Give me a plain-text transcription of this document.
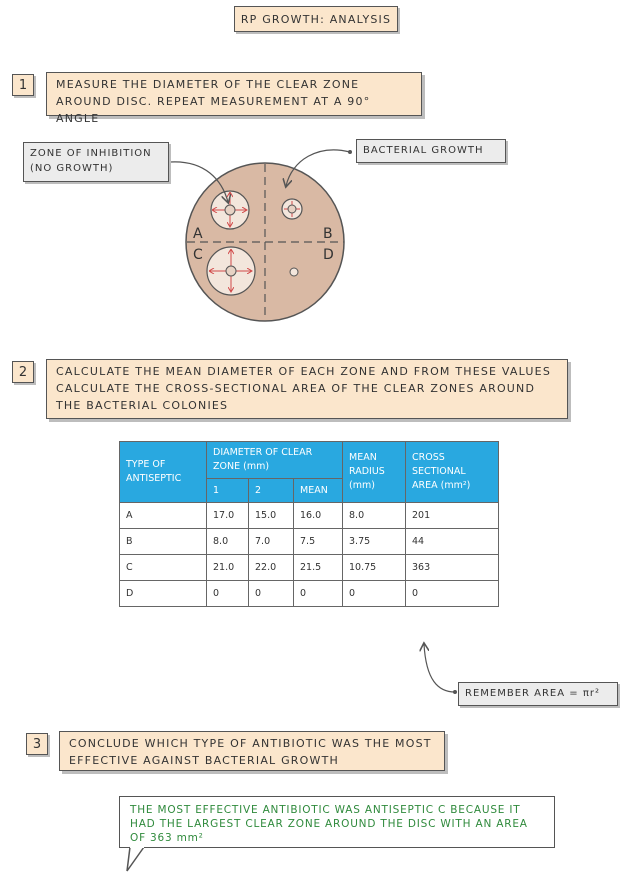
RP GROWTH: ANALYSIS
1	MEASURE THE DIAMETER OF THE CLEAR ZONE AROUND DISC. REPEAT MEASUREMENT AT A 90° ANGLE
A	B
C	D
ZONE OF INHIBITION
(NO GROWTH)
BACTERIAL GROWTH
2	CALCULATE THE MEAN DIAMETER OF EACH ZONE AND FROM THESE VALUES CALCULATE THE CROSS-SECTIONAL AREA OF THE CLEAR ZONES AROUND THE BACTERIAL COLONIES
TYPE OF ANTISEPTIC	DIAMETER OF CLEAR ZONE (mm)			MEAN RADIUS (mm)	CROSS SECTIONAL AREA (mm²)
	1	2	MEAN		
A	17.0	15.0	16.0	8.0	201
B	8.0	7.0	7.5	3.75	44
C	21.0	22.0	21.5	10.75	363
D	0	0	0	0	0
REMEMBER AREA = πr²
3	CONCLUDE WHICH TYPE OF ANTIBIOTIC WAS THE MOST EFFECTIVE AGAINST BACTERIAL GROWTH
THE MOST EFFECTIVE ANTIBIOTIC WAS ANTISEPTIC C BECAUSE IT HAD THE LARGEST CLEAR ZONE AROUND THE DISC WITH AN AREA OF 363 mm²
